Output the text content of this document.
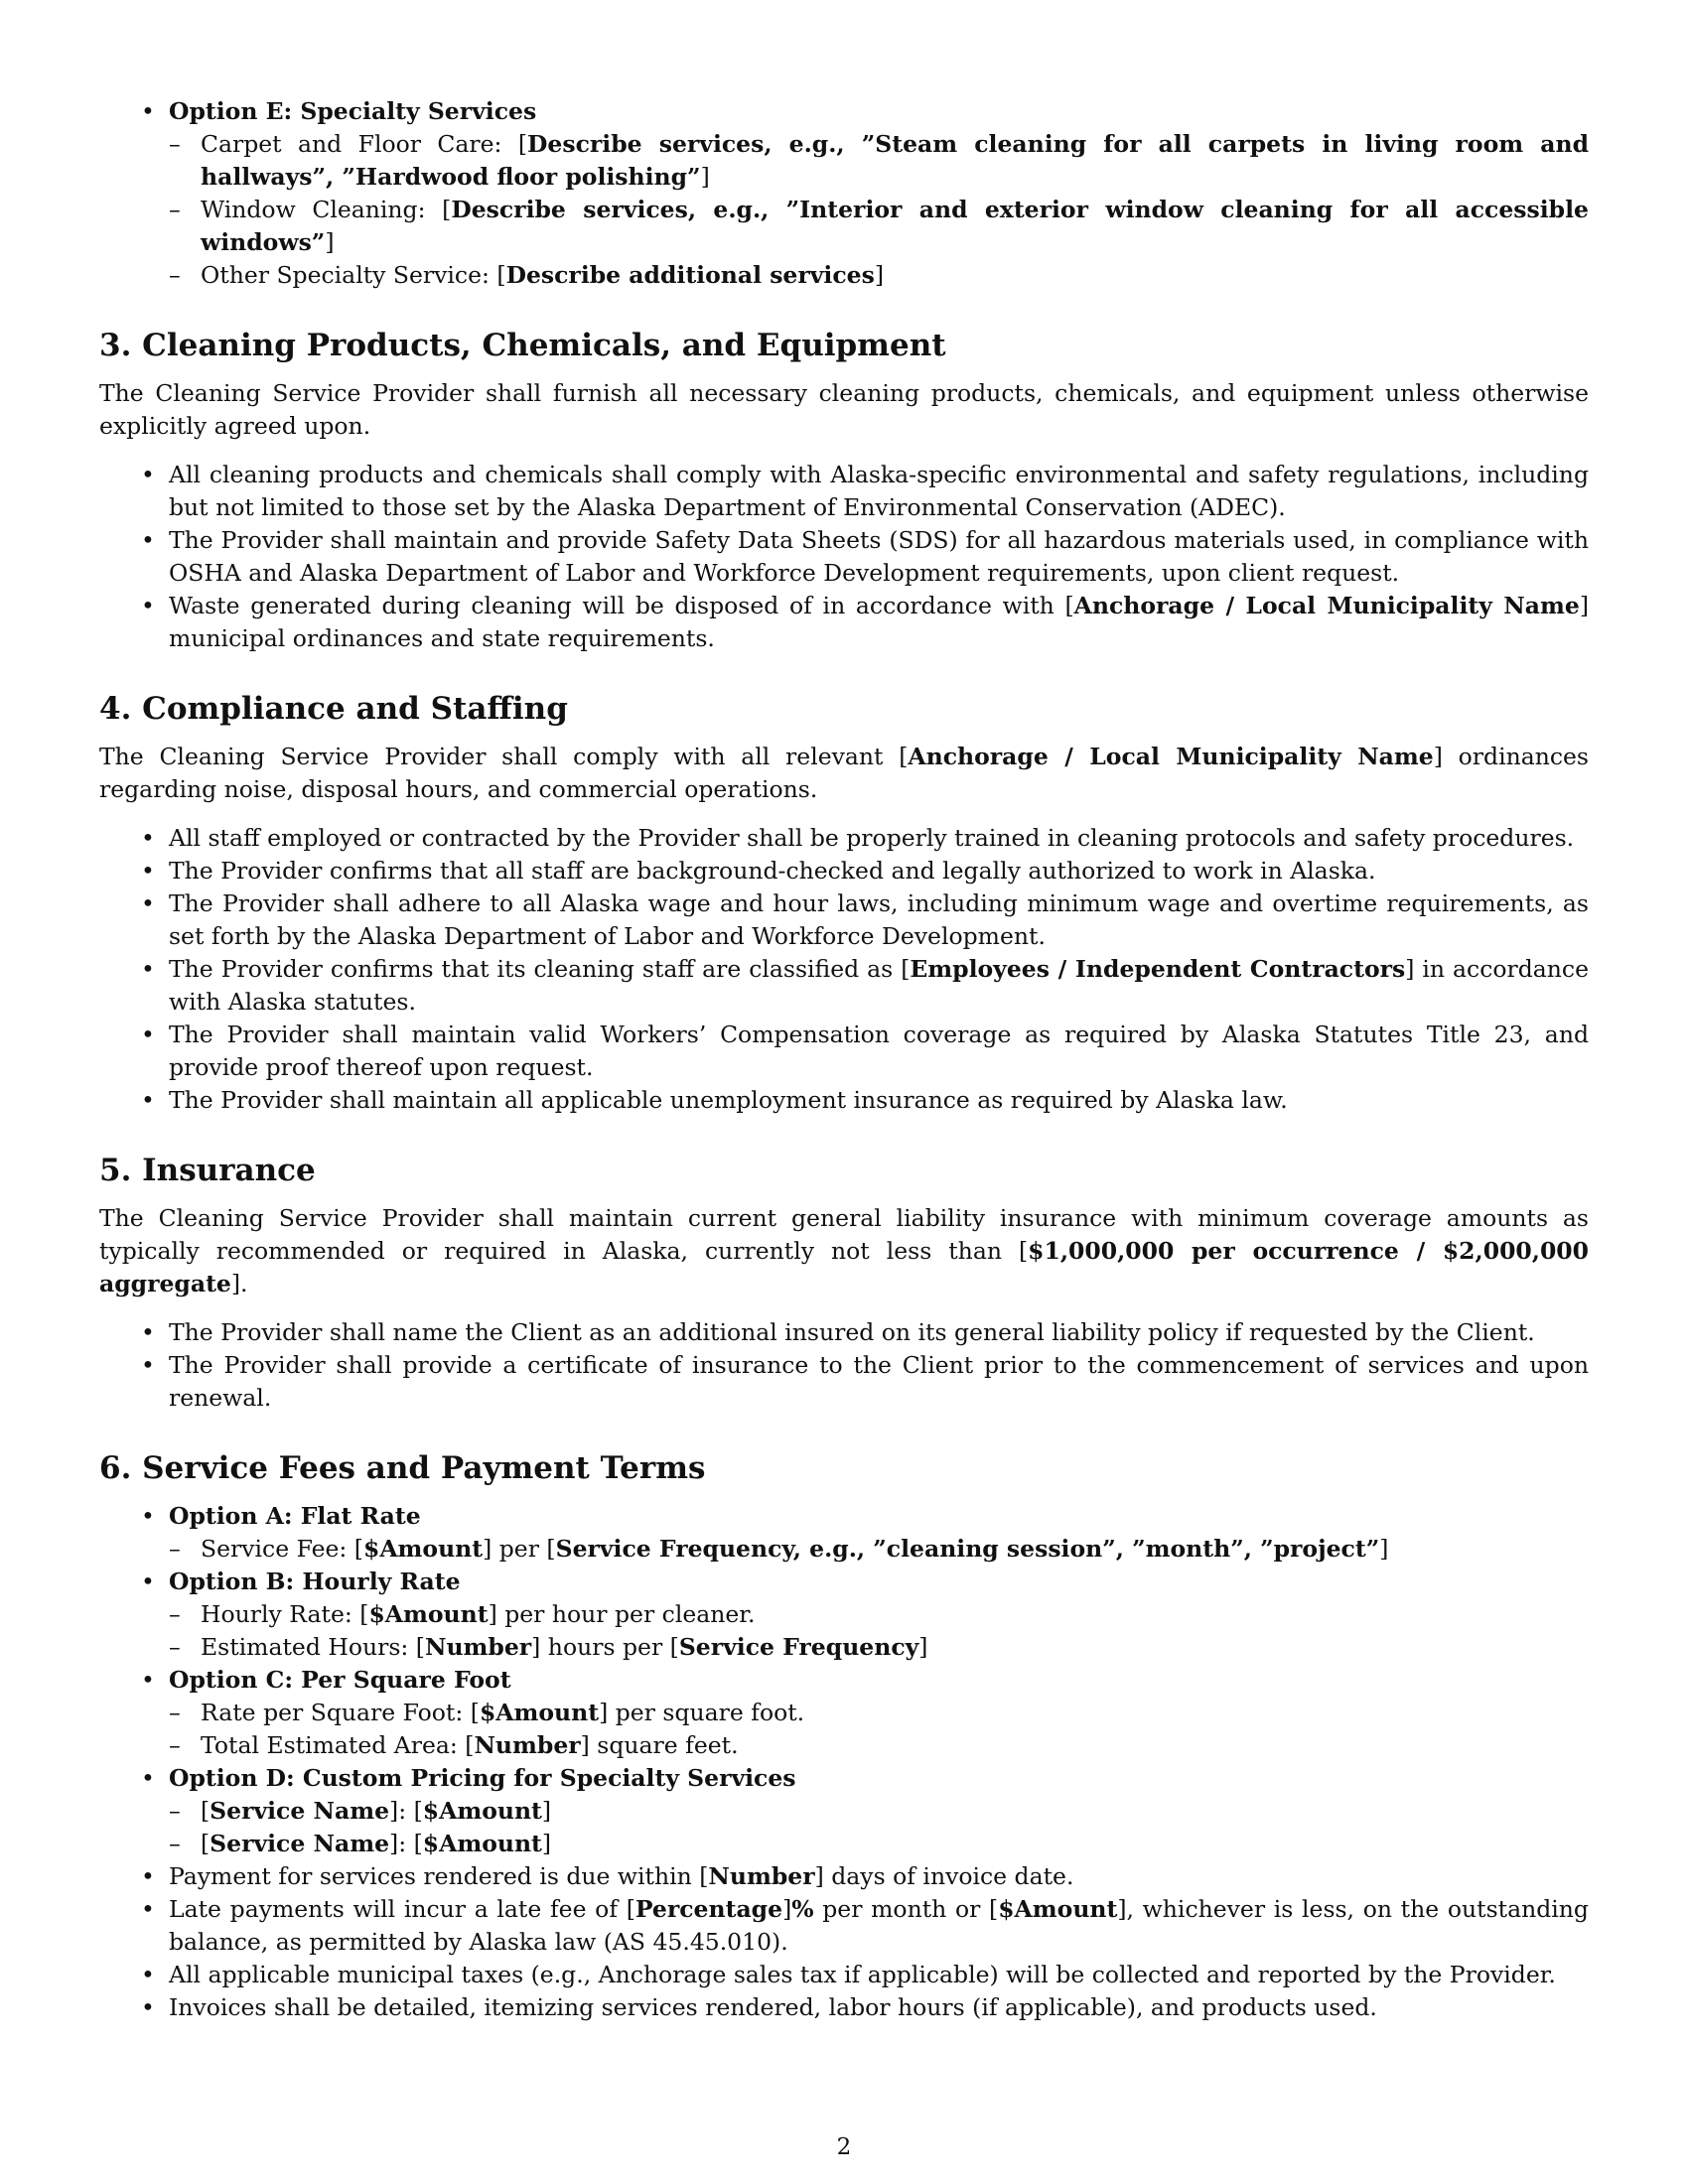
• Option E: Specialty Services
– Carpet and Floor Care: [Describe services, e.g., ”Steam cleaning for all carpets in living room and hallways”, ”Hardwood floor polishing”]
– Window Cleaning: [Describe services, e.g., ”Interior and exterior window cleaning for all accessible windows”]
– Other Specialty Service: [Describe additional services]
3. Cleaning Products, Chemicals, and Equipment

The Cleaning Service Provider shall furnish all necessary cleaning products, chemicals, and equipment unless otherwise explicitly agreed upon.

• All cleaning products and chemicals shall comply with Alaska-specific environmental and safety regulations, including but not limited to those set by the Alaska Department of Environmental Conservation (ADEC).
• The Provider shall maintain and provide Safety Data Sheets (SDS) for all hazardous materials used, in compliance with OSHA and Alaska Department of Labor and Workforce Development requirements, upon client request.
• Waste generated during cleaning will be disposed of in accordance with [Anchorage / Local Municipality Name] municipal ordinances and state requirements.
4. Compliance and Staffing

The Cleaning Service Provider shall comply with all relevant [Anchorage / Local Municipality Name] ordinances regarding noise, disposal hours, and commercial operations.

• All staff employed or contracted by the Provider shall be properly trained in cleaning protocols and safety procedures.
• The Provider confirms that all staff are background-checked and legally authorized to work in Alaska.
• The Provider shall adhere to all Alaska wage and hour laws, including minimum wage and overtime requirements, as set forth by the Alaska Department of Labor and Workforce Development.
• The Provider confirms that its cleaning staff are classified as [Employees / Independent Contractors] in accordance with Alaska statutes.
• The Provider shall maintain valid Workers’ Compensation coverage as required by Alaska Statutes Title 23, and provide proof thereof upon request.
• The Provider shall maintain all applicable unemployment insurance as required by Alaska law.
5. Insurance

The Cleaning Service Provider shall maintain current general liability insurance with minimum coverage amounts as typically recommended or required in Alaska, currently not less than [$1,000,000 per occurrence / $2,000,000 aggregate].

• The Provider shall name the Client as an additional insured on its general liability policy if requested by the Client.
• The Provider shall provide a certificate of insurance to the Client prior to the commencement of services and upon renewal.
6. Service Fees and Payment Terms
• Option A: Flat Rate
– Service Fee: [$Amount] per [Service Frequency, e.g., ”cleaning session”, ”month”, ”project”]
• Option B: Hourly Rate
– Hourly Rate: [$Amount] per hour per cleaner.
– Estimated Hours: [Number] hours per [Service Frequency]
• Option C: Per Square Foot
– Rate per Square Foot: [$Amount] per square foot.
– Total Estimated Area: [Number] square feet.
• Option D: Custom Pricing for Specialty Services
– [Service Name]: [$Amount]
– [Service Name]: [$Amount]
• Payment for services rendered is due within [Number] days of invoice date.
• Late payments will incur a late fee of [Percentage]% per month or [$Amount], whichever is less, on the outstanding balance, as permitted by Alaska law (AS 45.45.010).
• All applicable municipal taxes (e.g., Anchorage sales tax if applicable) will be collected and reported by the Provider.
• Invoices shall be detailed, itemizing services rendered, labor hours (if applicable), and products used.
2
